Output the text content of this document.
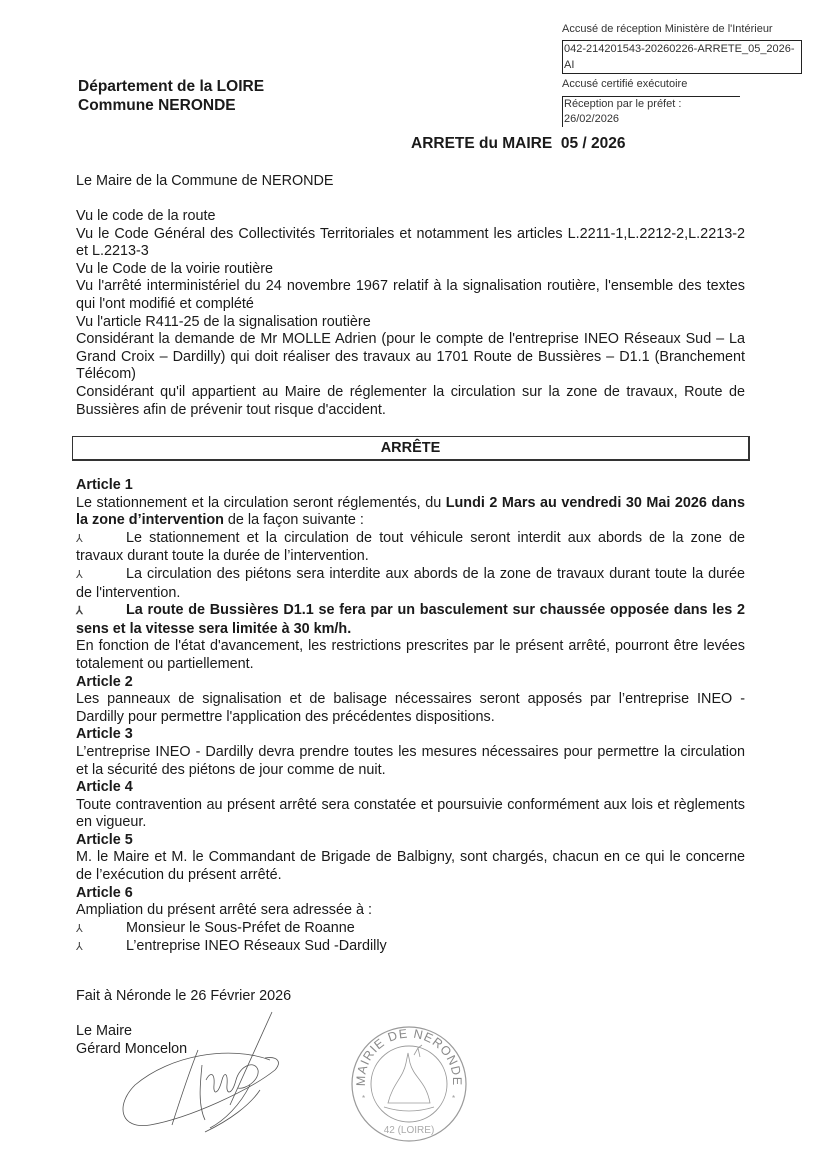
Accusé de réception Ministère de l'Intérieur
042-214201543-20260226-ARRETE_05_2026-AI
Accusé certifié exécutoire
Réception par le préfet : 26/02/2026
Département de la LOIRE
Commune NERONDE
ARRETE du MAIRE  05 / 2026
Le Maire de la Commune de NERONDE

Vu le code de la route

Vu le Code Général des Collectivités Territoriales et notamment les articles L.2211-1,L.2212-2,L.2213-2 et L.2213-3

Vu le Code de la voirie routière

Vu l'arrêté interministériel du 24 novembre 1967 relatif à la signalisation routière, l'ensemble des textes qui l'ont modifié et complété

Vu l'article R411-25 de la signalisation routière

Considérant la demande de Mr MOLLE Adrien (pour le compte de l'entreprise INEO Réseaux Sud – La Grand Croix – Dardilly) qui doit réaliser des travaux au 1701 Route de Bussières – D1.1 (Branchement Télécom)

Considérant qu'il appartient au Maire de réglementer la circulation sur la zone de travaux, Route de Bussières afin de prévenir tout risque d'accident.

ARRÊTE

Article 1

Le stationnement et la circulation seront réglementés, du Lundi 2 Mars au vendredi 30 Mai 2026 dans la zone d’intervention de la façon suivante :

⅄	Le stationnement et la circulation de tout véhicule seront interdit aux abords de la zone de travaux durant toute la durée de l’intervention.

⅄	La circulation des piétons sera interdite aux abords de la zone de travaux durant toute la durée de l'intervention.

⅄	La route de Bussières D1.1 se fera par un basculement sur chaussée opposée dans les 2 sens et la vitesse sera limitée à 30 km/h.

En fonction de l'état d'avancement, les restrictions prescrites par le présent arrêté, pourront être levées totalement ou partiellement.

Article 2

Les panneaux de signalisation et de balisage nécessaires seront apposés par l’entreprise INEO - Dardilly pour permettre l'application des précédentes dispositions.

Article 3

L’entreprise INEO - Dardilly devra prendre toutes les mesures nécessaires pour permettre la circulation et la sécurité des piétons de jour comme de nuit.

Article 4

Toute contravention au présent arrêté sera constatée et poursuivie conformément aux lois et règlements en vigueur.

Article 5

M. le Maire et M. le Commandant de Brigade de Balbigny, sont chargés, chacun en ce qui le concerne de l’exécution du présent arrêté.

Article 6

Ampliation du présent arrêté sera adressée à :

⅄	Monsieur le Sous-Préfet de Roanne

⅄	L’entreprise INEO Réseaux Sud -Dardilly

Fait à Néronde le 26 Février 2026
Le Maire
Gérard Moncelon
MAIRIE DE NERONDE
*	*
42 (LOIRE)
